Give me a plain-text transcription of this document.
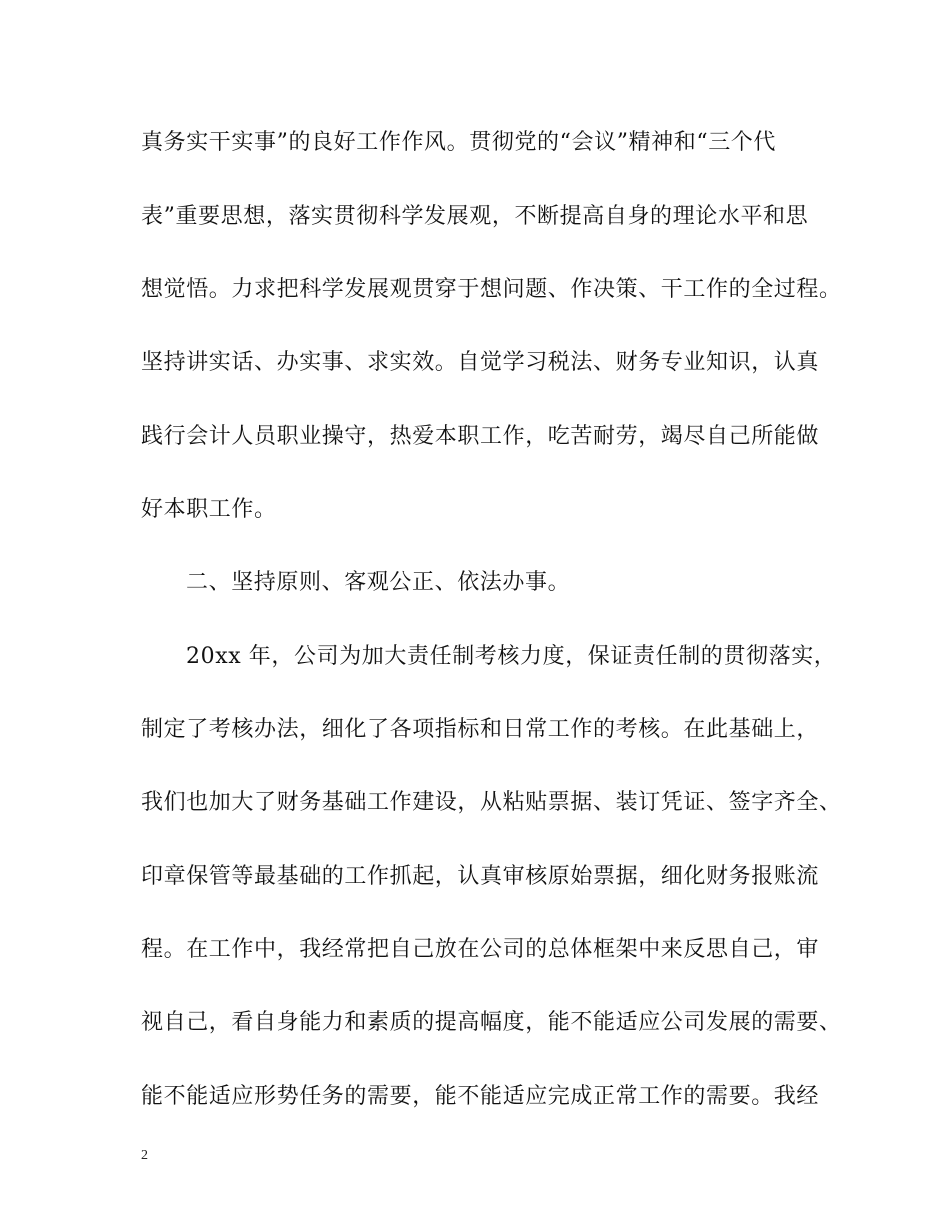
真务实干实事”的良好工作作风。贯彻党的“会议”精神和“三个代
表”重要思想，落实贯彻科学发展观，不断提高自身的理论水平和思
想觉悟。力求把科学发展观贯穿于想问题、作决策、干工作的全过程。
坚持讲实话、办实事、求实效。自觉学习税法、财务专业知识，认真
践行会计人员职业操守，热爱本职工作，吃苦耐劳，竭尽自己所能做
好本职工作。
二、坚持原则、客观公正、依法办事。
20xx 年，公司为加大责任制考核力度，保证责任制的贯彻落实，
制定了考核办法，细化了各项指标和日常工作的考核。在此基础上，
我们也加大了财务基础工作建设，从粘贴票据、装订凭证、签字齐全、
印章保管等最基础的工作抓起，认真审核原始票据，细化财务报账流
程。在工作中，我经常把自己放在公司的总体框架中来反思自己，审
视自己，看自身能力和素质的提高幅度，能不能适应公司发展的需要、
能不能适应形势任务的需要，能不能适应完成正常工作的需要。我经
2
